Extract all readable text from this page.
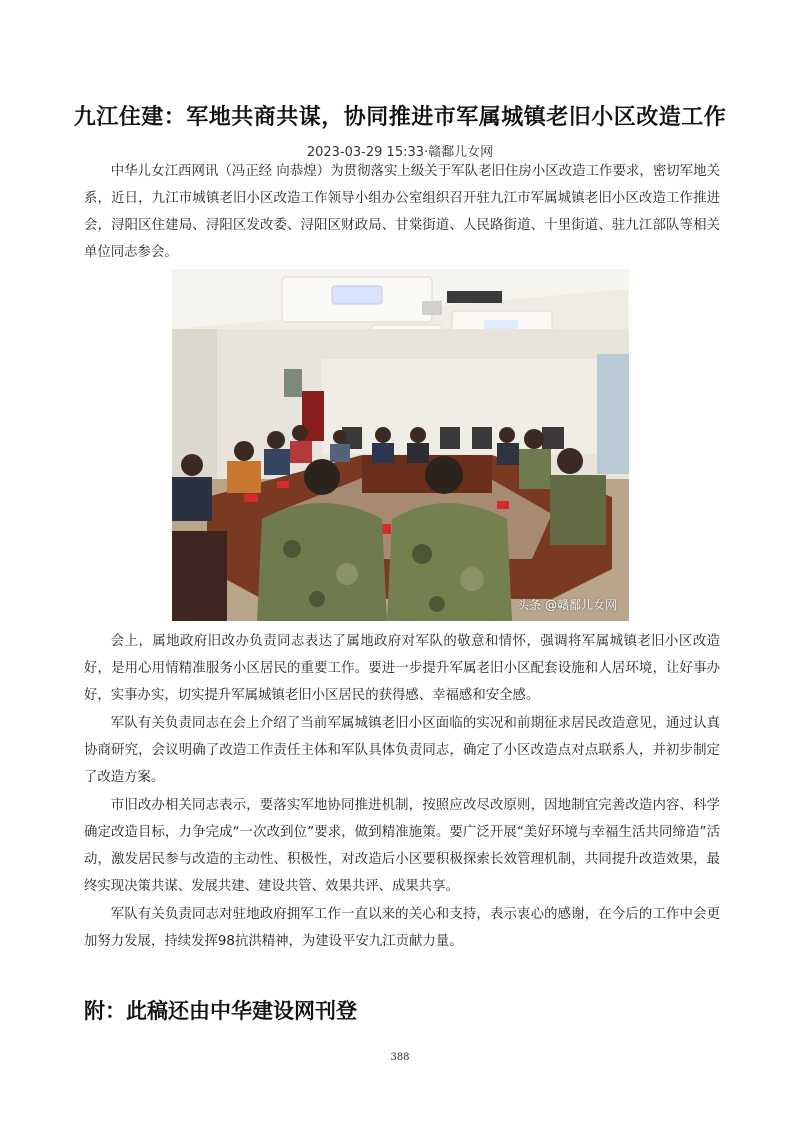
九江住建：军地共商共谋，协同推进市军属城镇老旧小区改造工作
2023-03-29 15:33·赣鄱儿女网

中华儿女江西网讯（冯正经 向恭煌）为贯彻落实上级关于军队老旧住房小区改造工作要求，密切军地关系，近日，九江市城镇老旧小区改造工作领导小组办公室组织召开驻九江市军属城镇老旧小区改造工作推进会，浔阳区住建局、浔阳区发改委、浔阳区财政局、甘棠街道、人民路街道、十里街道、驻九江部队等相关单位同志参会。

头条 @赣鄱儿女网

会上，属地政府旧改办负责同志表达了属地政府对军队的敬意和情怀，强调将军属城镇老旧小区改造好，是用心用情精准服务小区居民的重要工作。要进一步提升军属老旧小区配套设施和人居环境，让好事办好，实事办实，切实提升军属城镇老旧小区居民的获得感、幸福感和安全感。

军队有关负责同志在会上介绍了当前军属城镇老旧小区面临的实况和前期征求居民改造意见，通过认真协商研究，会议明确了改造工作责任主体和军队具体负责同志，确定了小区改造点对点联系人，并初步制定了改造方案。

市旧改办相关同志表示，要落实军地协同推进机制，按照应改尽改原则，因地制宜完善改造内容、科学确定改造目标，力争完成“一次改到位”要求，做到精准施策。要广泛开展“美好环境与幸福生活共同缔造”活动，激发居民参与改造的主动性、积极性，对改造后小区要积极探索长效管理机制，共同提升改造效果，最终实现决策共谋、发展共建、建设共管、效果共评、成果共享。

军队有关负责同志对驻地政府拥军工作一直以来的关心和支持，表示衷心的感谢，在今后的工作中会更加努力发展，持续发挥98抗洪精神，为建设平安九江贡献力量。

附：此稿还由中华建设网刊登
388
